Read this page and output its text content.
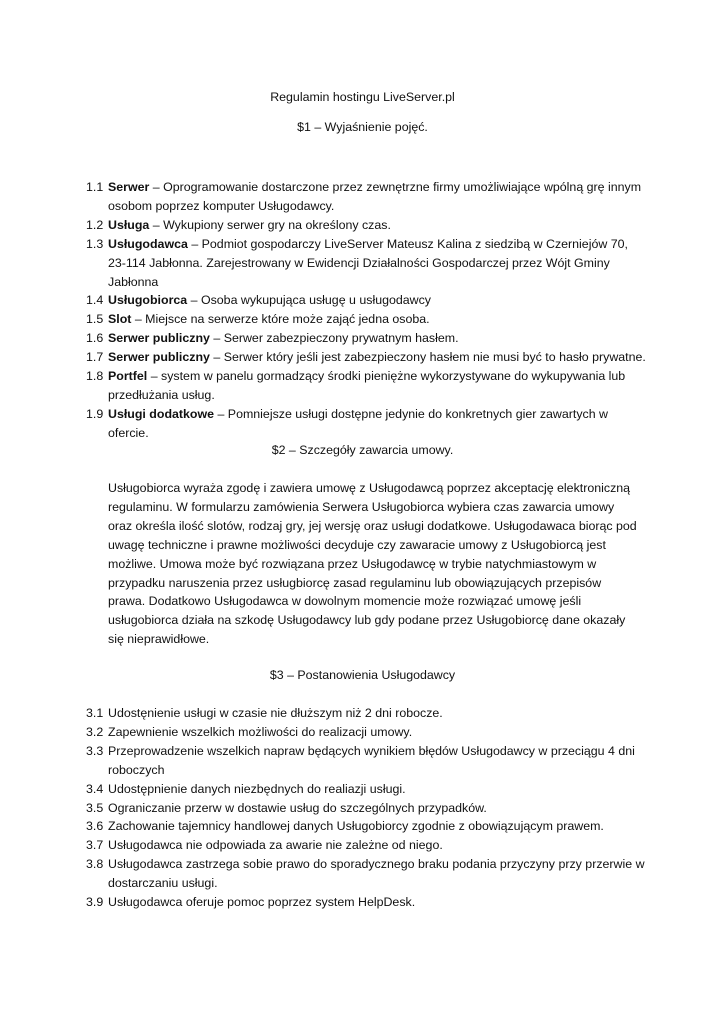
Regulamin hostingu LiveServer.pl
$1 – Wyjaśnienie pojęć.
1.1 Serwer – Oprogramowanie dostarczone przez zewnętrzne firmy umożliwiające wpólną grę innym osobom poprzez komputer Usługodawcy.
1.2 Usługa – Wykupiony serwer gry na określony czas.
1.3 Usługodawca – Podmiot gospodarczy LiveServer Mateusz Kalina z siedzibą w Czerniejów 70, 23-114 Jabłonna. Zarejestrowany w Ewidencji Działalności Gospodarczej przez Wójt Gminy Jabłonna
1.4 Usługobiorca – Osoba wykupująca usługę u usługodawcy
1.5 Slot – Miejsce na serwerze które może zająć jedna osoba.
1.6 Serwer publiczny – Serwer zabezpieczony prywatnym hasłem.
1.7 Serwer publiczny – Serwer który jeśli jest zabezpieczony hasłem nie musi być to hasło prywatne.
1.8 Portfel – system w panelu gormadzący środki pieniężne wykorzystywane do wykupywania lub przedłużania usług.
1.9 Usługi dodatkowe – Pomniejsze usługi dostępne jedynie do konkretnych gier zawartych w ofercie.
$2 – Szczegóły zawarcia umowy.

Usługobiorca wyraża zgodę i zawiera umowę z Usługodawcą poprzez akceptację elektroniczną regulaminu. W formularzu zamówienia Serwera Usługobiorca wybiera czas zawarcia umowy oraz określa ilość slotów, rodzaj gry, jej wersję oraz usługi dodatkowe. Usługodawaca biorąc pod uwagę techniczne i prawne możliwości decyduje czy zawaracie umowy z Usługobiorcą jest możliwe. Umowa może być rozwiązana przez Usługodawcę w trybie natychmiastowym w przypadku naruszenia przez usługbiorcę zasad regulaminu lub obowiązujących przepisów prawa. Dodatkowo Usługodawca w dowolnym momencie może rozwiązać umowę jeśli usługobiorca działa na szkodę Usługodawcy lub gdy podane przez Usługobiorcę dane okazały się nieprawidłowe.

$3 – Postanowienia Usługodawcy
3.1 Udostęnienie usługi w czasie nie dłuższym niż 2 dni robocze.
3.2 Zapewnienie wszelkich możliwości do realizacji umowy.
3.3 Przeprowadzenie wszelkich napraw będących wynikiem błędów Usługodawcy w przeciągu 4 dni roboczych
3.4 Udostępnienie danych niezbędnych do realiazji usługi.
3.5 Ograniczanie przerw w dostawie usług do szczególnych przypadków.
3.6 Zachowanie tajemnicy handlowej danych Usługobiorcy zgodnie z obowiązującym prawem.
3.7 Usługodawca nie odpowiada za awarie nie zależne od niego.
3.8 Usługodawca zastrzega sobie prawo do sporadycznego braku podania przyczyny przy przerwie w dostarczaniu usługi.
3.9 Usługodawca oferuje pomoc poprzez system HelpDesk.
